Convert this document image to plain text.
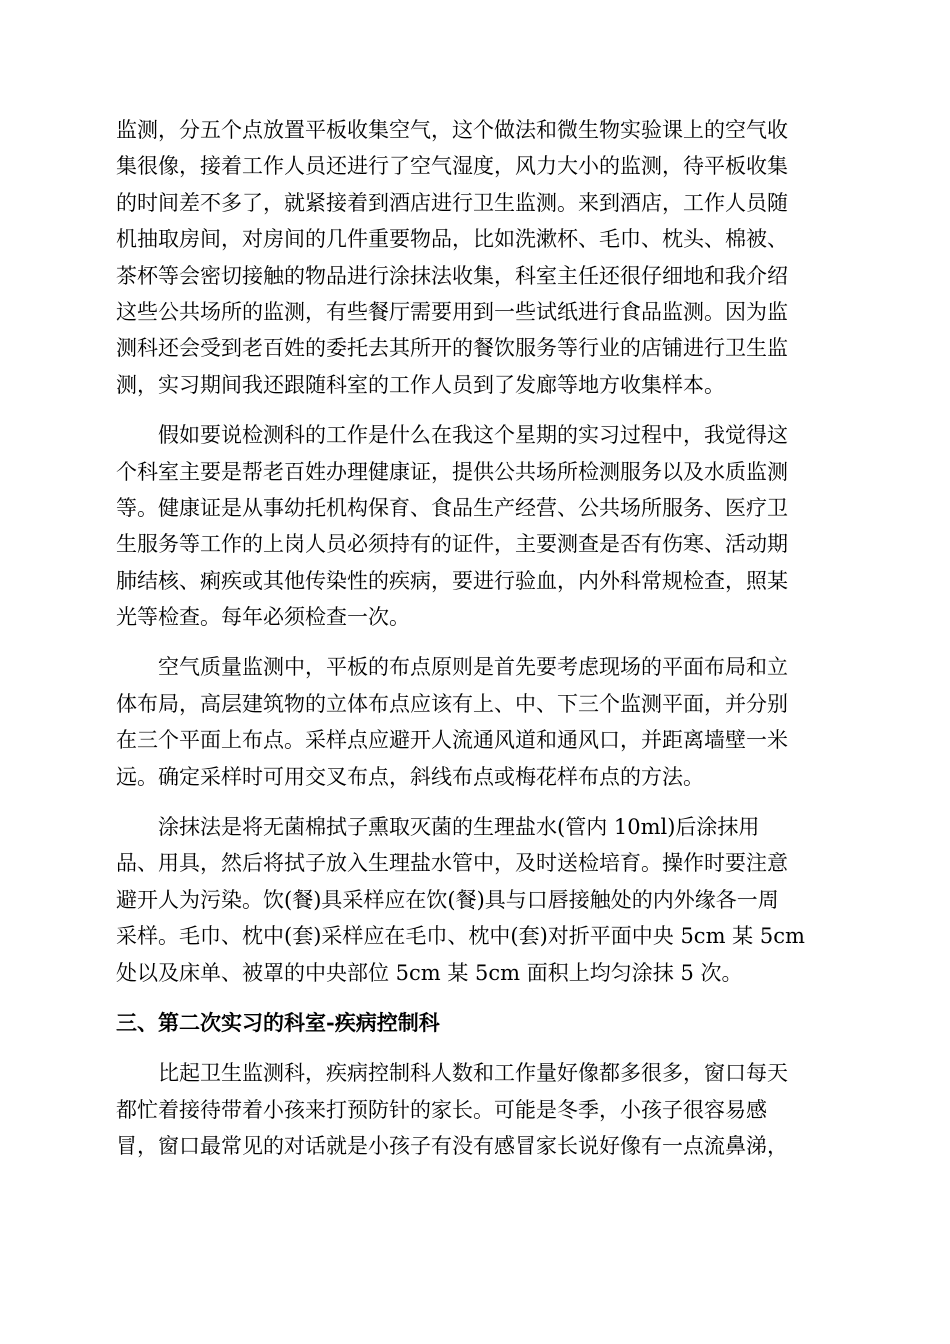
监测，分五个点放置平板收集空气，这个做法和微生物实验课上的空气收
集很像，接着工作人员还进行了空气湿度，风力大小的监测，待平板收集
的时间差不多了，就紧接着到酒店进行卫生监测。来到酒店，工作人员随
机抽取房间，对房间的几件重要物品，比如洗漱杯、毛巾、枕头、棉被、
茶杯等会密切接触的物品进行涂抹法收集，科室主任还很仔细地和我介绍
这些公共场所的监测，有些餐厅需要用到一些试纸进行食品监测。因为监
测科还会受到老百姓的委托去其所开的餐饮服务等行业的店铺进行卫生监
测，实习期间我还跟随科室的工作人员到了发廊等地方收集样本。
假如要说检测科的工作是什么在我这个星期的实习过程中，我觉得这
个科室主要是帮老百姓办理健康证，提供公共场所检测服务以及水质监测
等。健康证是从事幼托机构保育、食品生产经营、公共场所服务、医疗卫
生服务等工作的上岗人员必须持有的证件，主要测查是否有伤寒、活动期
肺结核、痢疾或其他传染性的疾病，要进行验血，内外科常规检查，照某
光等检查。每年必须检查一次。
空气质量监测中，平板的布点原则是首先要考虑现场的平面布局和立
体布局，高层建筑物的立体布点应该有上、中、下三个监测平面，并分别
在三个平面上布点。采样点应避开人流通风道和通风口，并距离墙壁一米
远。确定采样时可用交叉布点，斜线布点或梅花样布点的方法。
涂抹法是将无菌棉拭子熏取灭菌的生理盐水(管内 10ml)后涂抹用
品、用具，然后将拭子放入生理盐水管中，及时送检培育。操作时要注意
避开人为污染。饮(餐)具采样应在饮(餐)具与口唇接触处的内外缘各一周
采样。毛巾、枕中(套)采样应在毛巾、枕中(套)对折平面中央 5cm 某 5cm
处以及床单、被罩的中央部位 5cm 某 5cm 面积上均匀涂抹 5 次。
三、第二次实习的科室-疾病控制科
比起卫生监测科，疾病控制科人数和工作量好像都多很多，窗口每天
都忙着接待带着小孩来打预防针的家长。可能是冬季，小孩子很容易感
冒，窗口最常见的对话就是小孩子有没有感冒家长说好像有一点流鼻涕，
